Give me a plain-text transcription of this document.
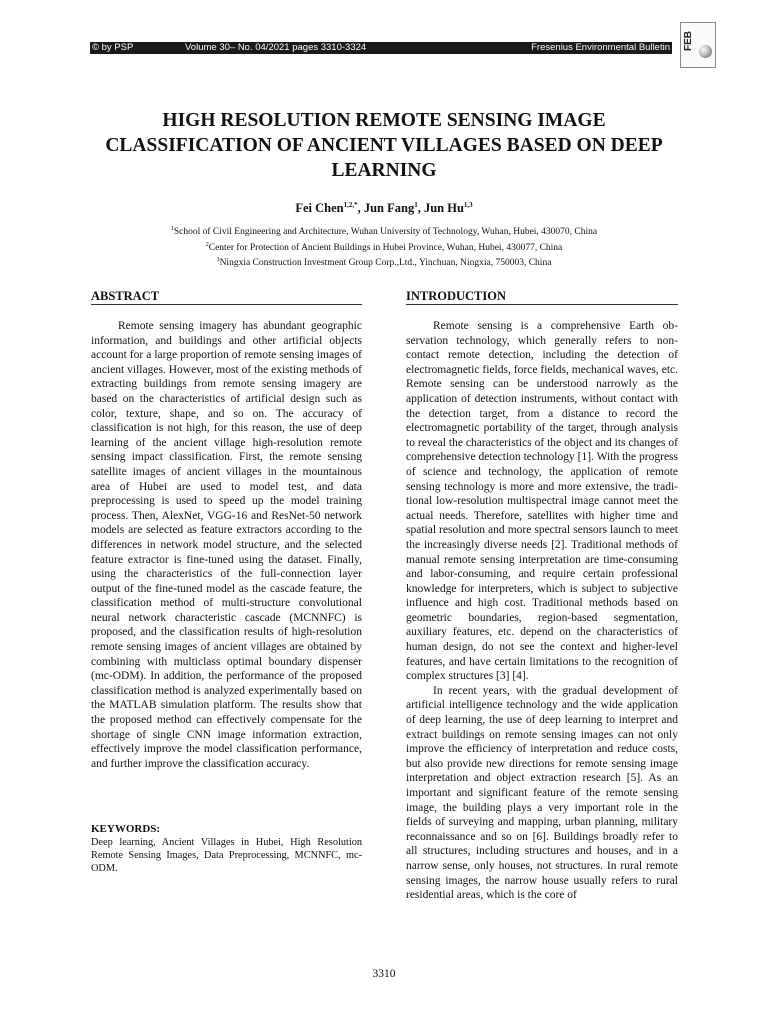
© by PSP	Volume 30– No. 04/2021 pages 3310-3324	Fresenius Environmental Bulletin FEB
HIGH RESOLUTION REMOTE SENSING IMAGE CLASSIFICATION OF ANCIENT VILLAGES BASED ON DEEP LEARNING
Fei Chen$^{1,2,*}$, Jun Fang$^1$, Jun Hu$^{1,3}$
$^1$School of Civil Engineering and Architecture, Wuhan University of Technology, Wuhan, Hubei, 430070, China
$^2$Center for Protection of Ancient Buildings in Hubei Province, Wuhan, Hubei, 430077, China
$^3$Ningxia Construction Investment Group Corp.,Ltd., Yinchuan, Ningxia, 750003, China
ABSTRACT

Remote sensing imagery has abundant geographic information, and buildings and other artificial objects account for a large proportion of remote sensing images of ancient villages. However, most of the existing methods of extracting buildings from remote sensing imagery are based on the characteristics of artificial design such as color, texture, shape, and so on. The accuracy of classification is not high, for this reason, the use of deep learning of the ancient village high-resolution remote sensing impact classification. First, the remote sensing satellite images of ancient villages in the mountainous area of Hubei are used to model test, and data preprocessing is used to speed up the model training process. Then, AlexNet, VGG-16 and ResNet-50 network models are selected as feature extractors according to the differences in network model structure, and the selected feature extractor is fine-tuned using the dataset. Finally, using the characteristics of the full-connection layer output of the fine-tuned model as the cascade feature, the classification method of multi-structure convolutional neural network characteristic cascade (MCNNFC) is proposed, and the classification results of high-resolution remote sensing images of ancient villages are obtained by combining with multiclass optimal boundary dispenser (mc-ODM). In addition, the performance of the proposed classification method is analyzed experimentally based on the MATLAB simulation platform. The results show that the proposed method can effectively compensate for the shortage of single CNN image information extraction, effectively improve the model classification performance, and further improve the classification accuracy.

KEYWORDS:
Deep learning, Ancient Villages in Hubei, High Resolution Remote Sensing Images, Data Preprocessing, MCNNFC, mc-ODM.
INTRODUCTION

Remote sensing is a comprehensive Earth observation technology, which generally refers to non-contact remote detection, including the detection of electromagnetic fields, force fields, mechanical waves, etc. Remote sensing can be understood narrowly as the application of detection instruments, without contact with the detection target, from a distance to record the electromagnetic portability of the target, through analysis to reveal the characteristics of the object and its changes of comprehensive detection technology [1]. With the progress of science and technology, the application of remote sensing technology is more and more extensive, the traditional low-resolution multispectral image cannot meet the actual needs. Therefore, satellites with higher time and spatial resolution and more spectral sensors launch to meet the increasingly diverse needs [2]. Traditional methods of manual remote sensing interpretation are time-consuming and labor-consuming, and require certain professional knowledge for interpreters, which is subject to subjective influence and high cost. Traditional methods based on geometric boundaries, region-based segmentation, auxiliary features, etc. depend on the characteristics of human design, do not see the context and higher-level features, and have certain limitations to the recognition of complex structures [3] [4].

In recent years, with the gradual development of artificial intelligence technology and the wide application of deep learning, the use of deep learning to interpret and extract buildings on remote sensing images can not only improve the efficiency of interpretation and reduce costs, but also provide new directions for remote sensing image interpretation and object extraction research [5]. As an important and significant feature of the remote sensing image, the building plays a very important role in the fields of surveying and mapping, urban planning, military reconnaissance and so on [6]. Buildings broadly refer to all structures, including structures and houses, and in a narrow sense, only houses, not structures. In rural remote sensing images, the narrow house usually refers to rural residential areas, which is the core of

3310
